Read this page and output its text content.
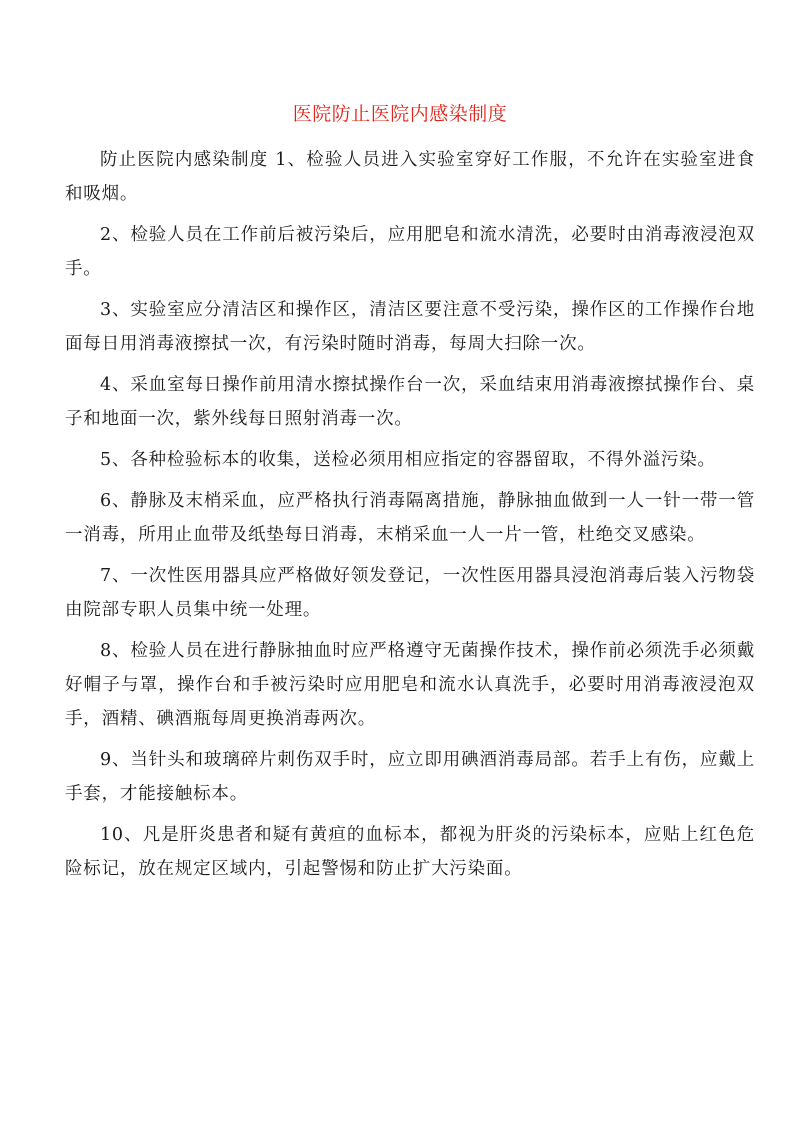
医院防止医院内感染制度

防止医院内感染制度 1、检验人员进入实验室穿好工作服，不允许在实验室进食和吸烟。

2、检验人员在工作前后被污染后，应用肥皂和流水清洗，必要时由消毒液浸泡双手。

3、实验室应分清洁区和操作区，清洁区要注意不受污染，操作区的工作操作台地面每日用消毒液擦拭一次，有污染时随时消毒，每周大扫除一次。

4、采血室每日操作前用清水擦拭操作台一次，采血结束用消毒液擦拭操作台、桌子和地面一次，紫外线每日照射消毒一次。

5、各种检验标本的收集，送检必须用相应指定的容器留取，不得外溢污染。

6、静脉及末梢采血，应严格执行消毒隔离措施，静脉抽血做到一人一针一带一管一消毒，所用止血带及纸垫每日消毒，末梢采血一人一片一管，杜绝交叉感染。

7、一次性医用器具应严格做好领发登记，一次性医用器具浸泡消毒后装入污物袋由院部专职人员集中统一处理。

8、检验人员在进行静脉抽血时应严格遵守无菌操作技术，操作前必须洗手必须戴好帽子与罩，操作台和手被污染时应用肥皂和流水认真洗手，必要时用消毒液浸泡双手，酒精、碘酒瓶每周更换消毒两次。

9、当针头和玻璃碎片刺伤双手时，应立即用碘酒消毒局部。若手上有伤，应戴上手套，才能接触标本。

10、凡是肝炎患者和疑有黄疸的血标本，都视为肝炎的污染标本，应贴上红色危险标记，放在规定区域内，引起警惕和防止扩大污染面。
